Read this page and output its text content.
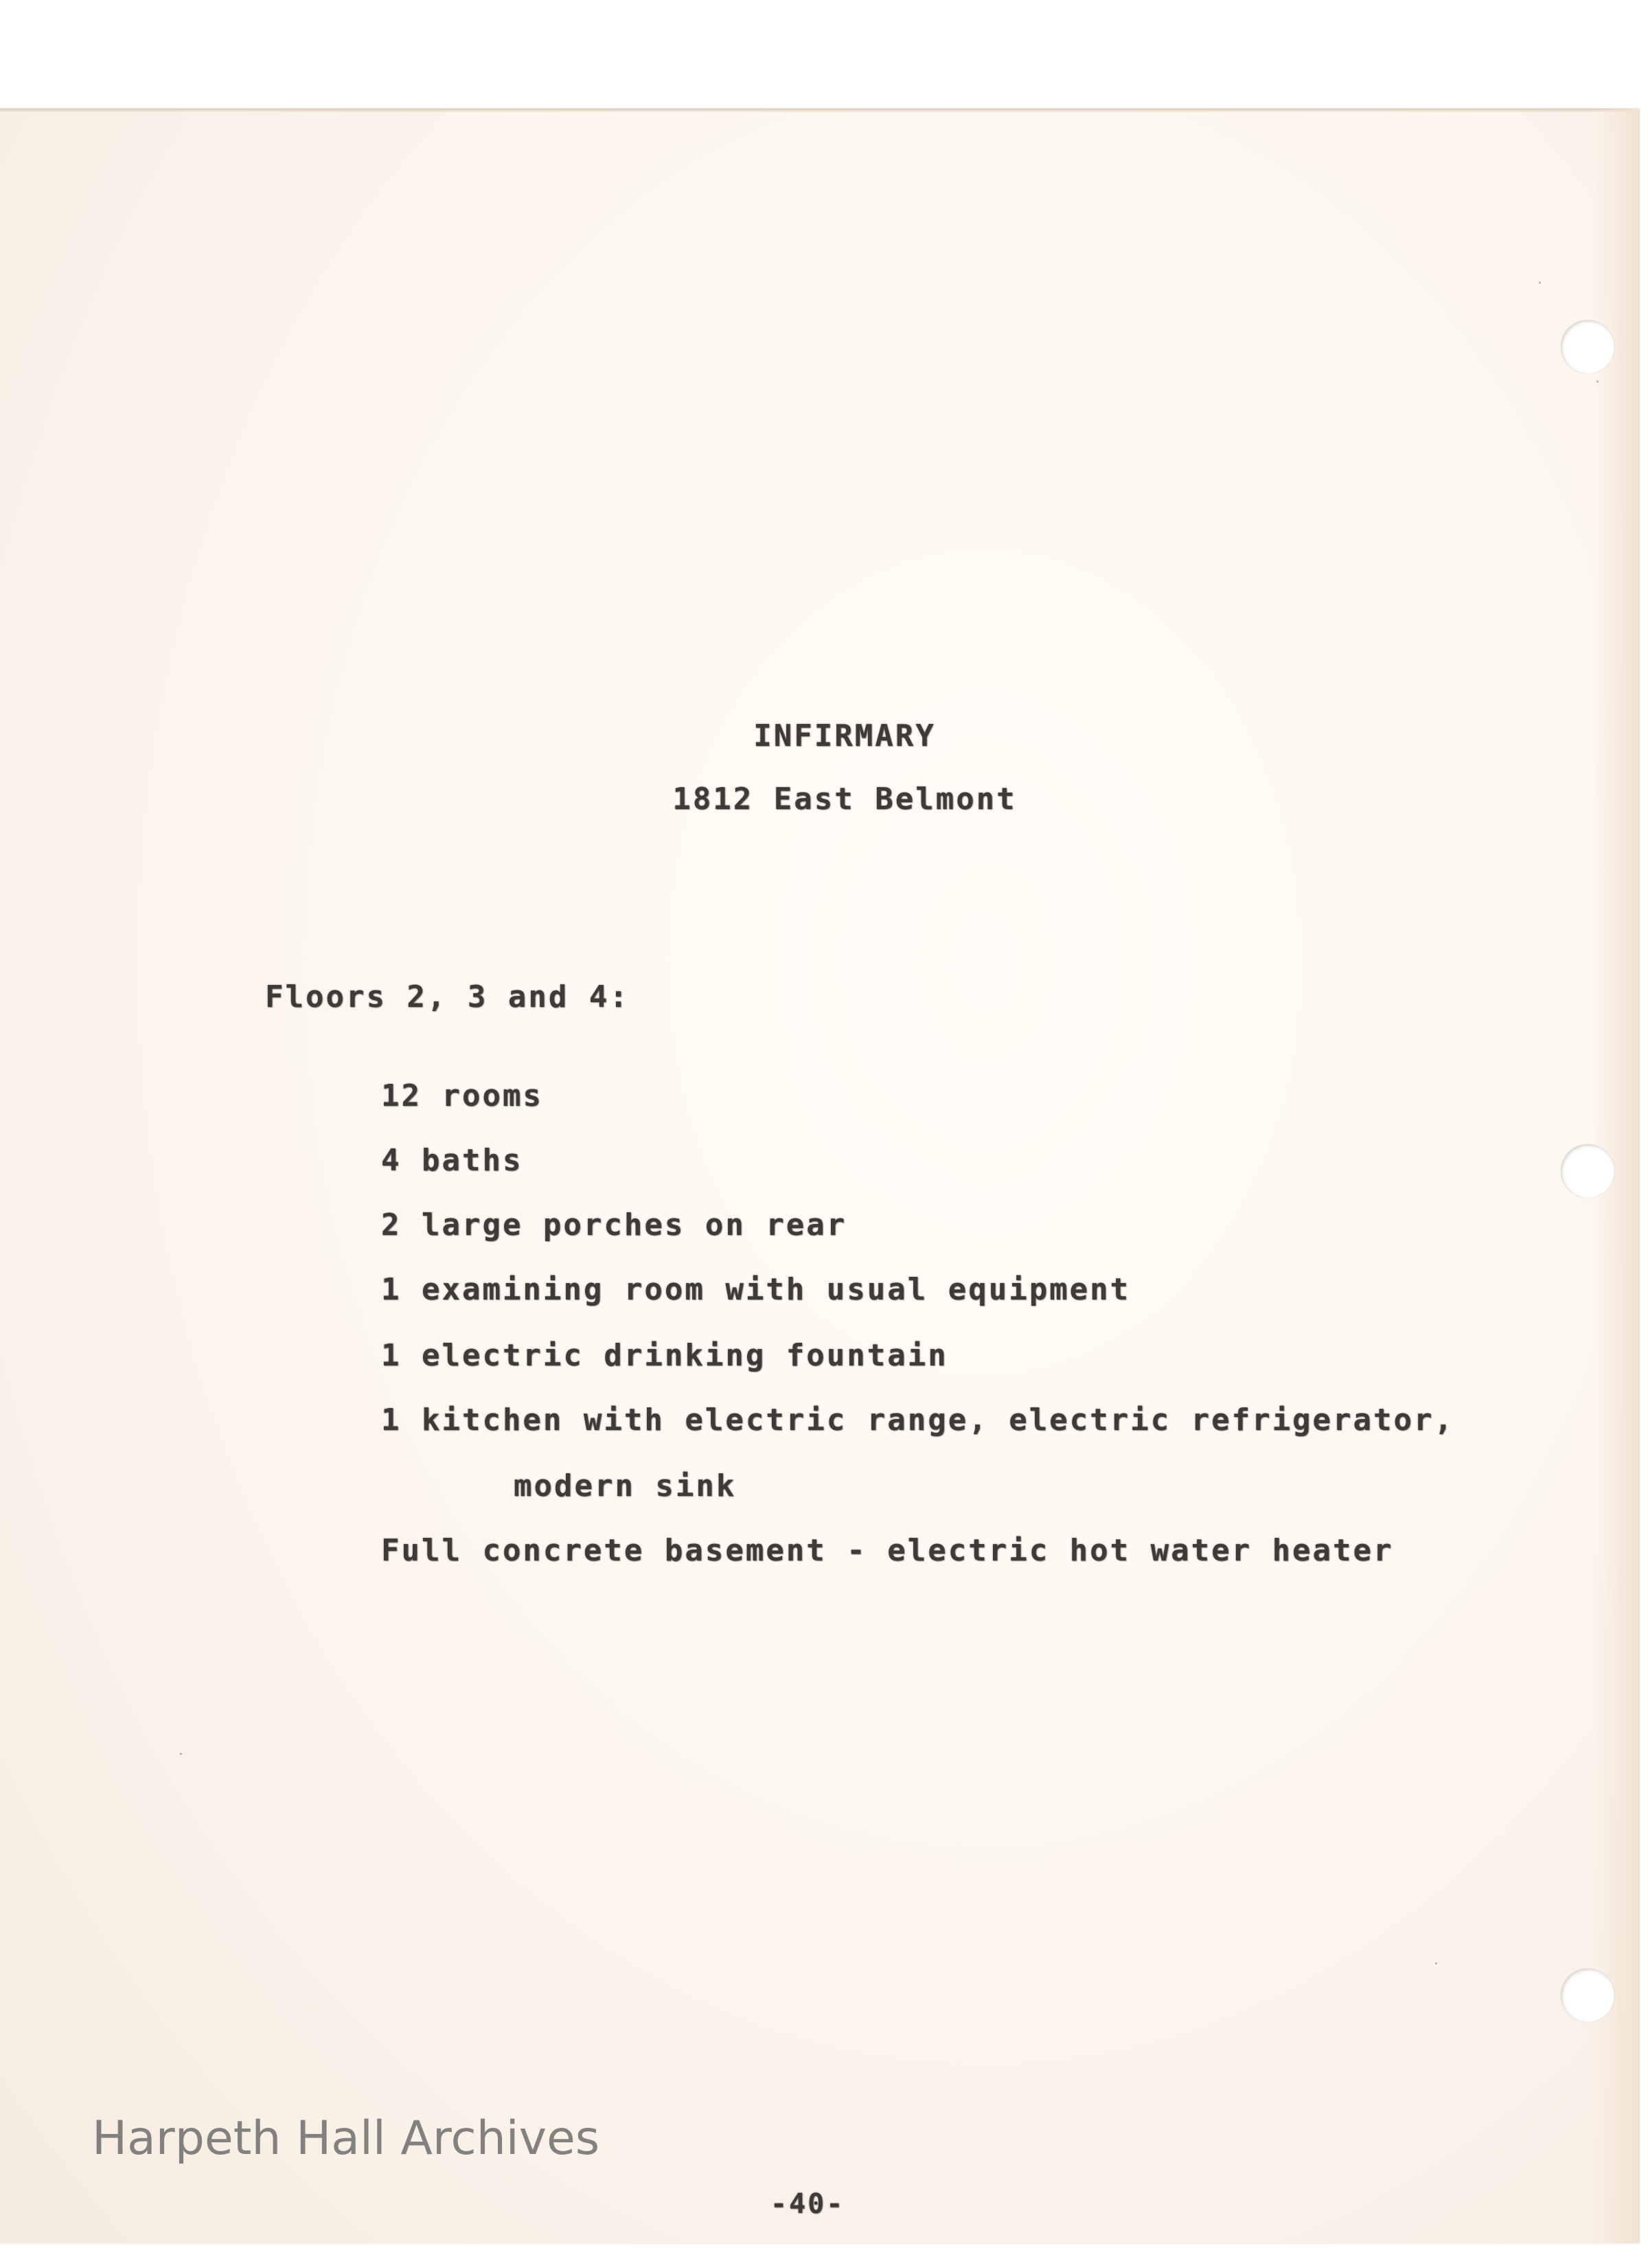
INFIRMARY
1812 East Belmont
Floors 2, 3 and 4:
12 rooms
4 baths
2 large porches on rear
1 examining room with usual equipment
1 electric drinking fountain
1 kitchen with electric range, electric refrigerator,
modern sink
Full concrete basement - electric hot water heater
Harpeth Hall Archives
-40-
